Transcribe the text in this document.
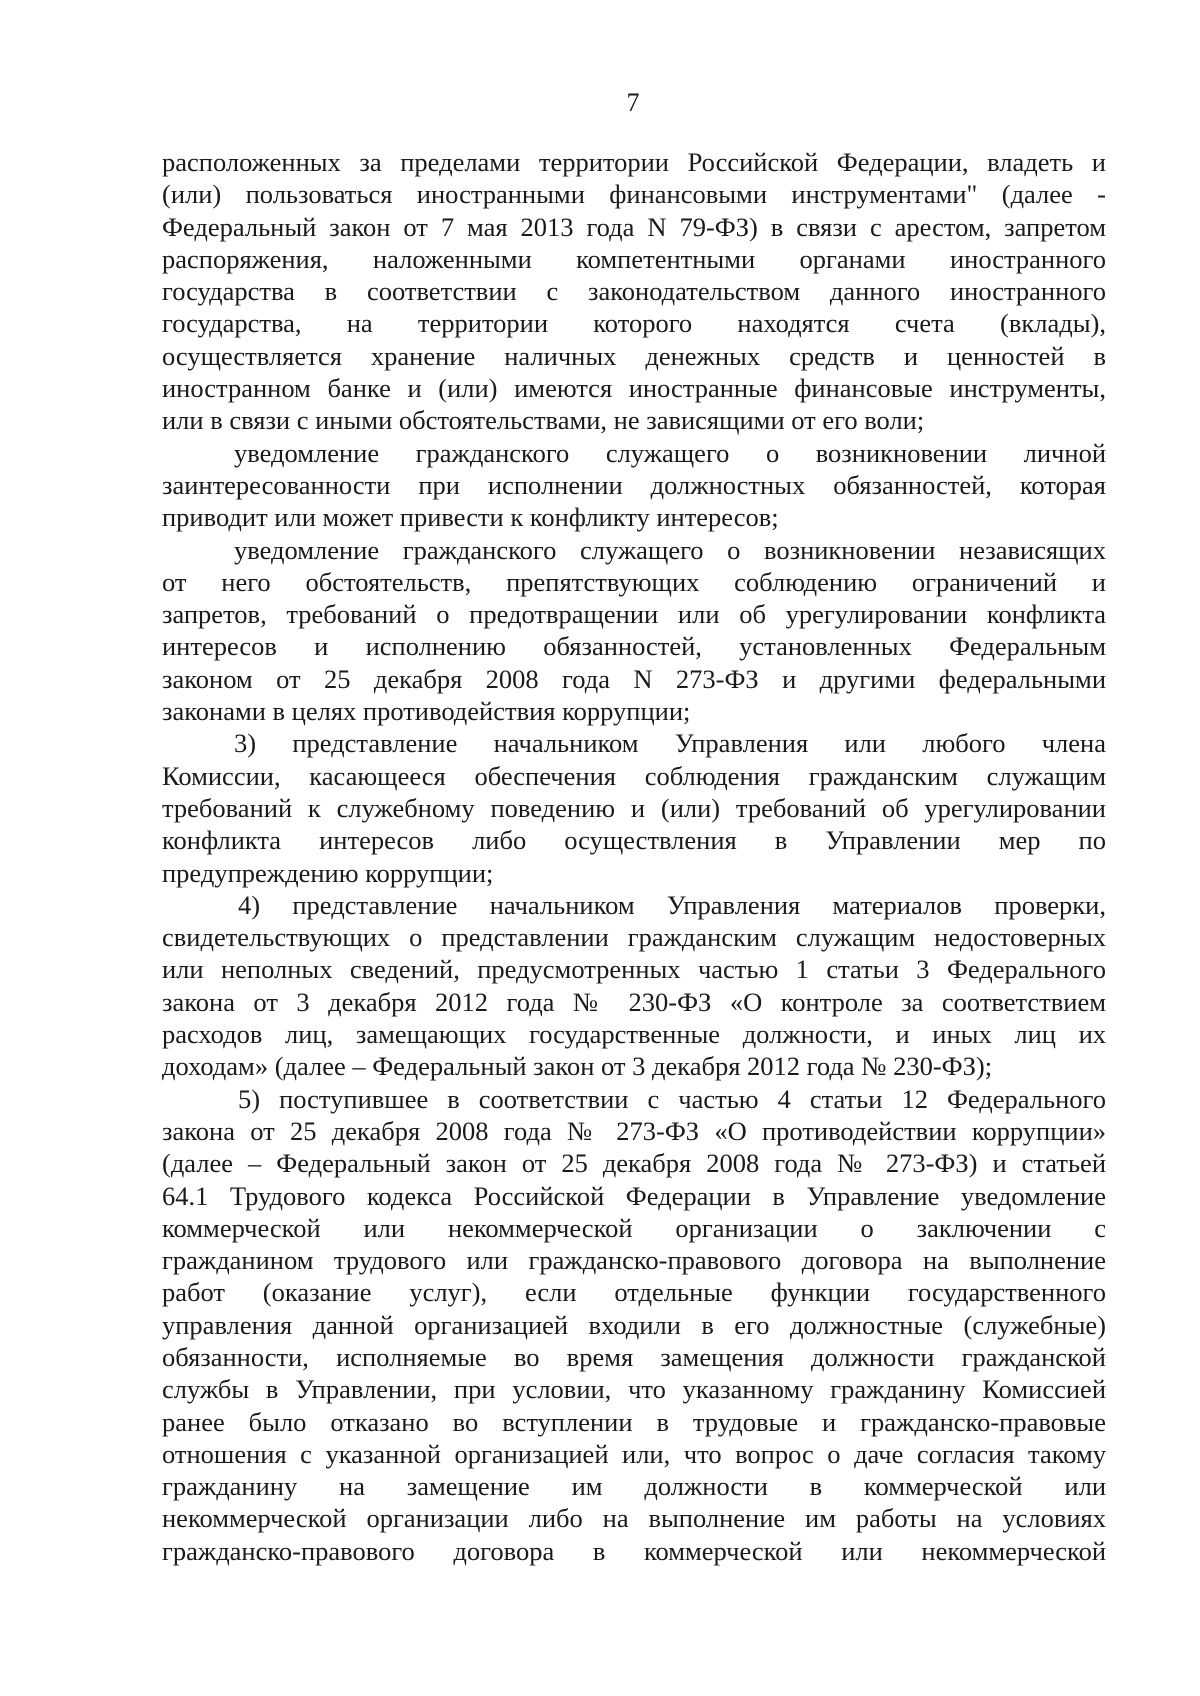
7
расположенных за пределами территории Российской Федерации, владеть и
(или) пользоваться иностранными финансовыми инструментами" (далее -
Федеральный закон от 7 мая 2013 года N 79-ФЗ) в связи с арестом, запретом
распоряжения, наложенными компетентными органами иностранного
государства в соответствии с законодательством данного иностранного
государства, на территории которого находятся счета (вклады),
осуществляется хранение наличных денежных средств и ценностей в
иностранном банке и (или) имеются иностранные финансовые инструменты,
или в связи с иными обстоятельствами, не зависящими от его воли;
уведомление гражданского служащего о возникновении личной
заинтересованности при исполнении должностных обязанностей, которая
приводит или может привести к конфликту интересов;
уведомление гражданского служащего о возникновении независящих
от него обстоятельств, препятствующих соблюдению ограничений и
запретов, требований о предотвращении или об урегулировании конфликта
интересов и исполнению обязанностей, установленных Федеральным
законом от 25 декабря 2008 года N 273-ФЗ и другими федеральными
законами в целях противодействия коррупции;
3) представление начальником Управления или любого члена
Комиссии, касающееся обеспечения соблюдения гражданским служащим
требований к служебному поведению и (или) требований об урегулировании
конфликта интересов либо осуществления в Управлении мер по
предупреждению коррупции;
4) представление начальником Управления материалов проверки,
свидетельствующих о представлении гражданским служащим недостоверных
или неполных сведений, предусмотренных частью 1 статьи 3 Федерального
закона от 3 декабря 2012 года № 230-ФЗ «О контроле за соответствием
расходов лиц, замещающих государственные должности, и иных лиц их
доходам» (далее – Федеральный закон от 3 декабря 2012 года № 230-ФЗ);
5) поступившее в соответствии с частью 4 статьи 12 Федерального
закона от 25 декабря 2008 года № 273-ФЗ «О противодействии коррупции»
(далее – Федеральный закон от 25 декабря 2008 года № 273-ФЗ) и статьей
64.1 Трудового кодекса Российской Федерации в Управление уведомление
коммерческой или некоммерческой организации о заключении с
гражданином трудового или гражданско-правового договора на выполнение
работ (оказание услуг), если отдельные функции государственного
управления данной организацией входили в его должностные (служебные)
обязанности, исполняемые во время замещения должности гражданской
службы в Управлении, при условии, что указанному гражданину Комиссией
ранее было отказано во вступлении в трудовые и гражданско-правовые
отношения с указанной организацией или, что вопрос о даче согласия такому
гражданину на замещение им должности в коммерческой или
некоммерческой организации либо на выполнение им работы на условиях
гражданско-правового договора в коммерческой или некоммерческой
